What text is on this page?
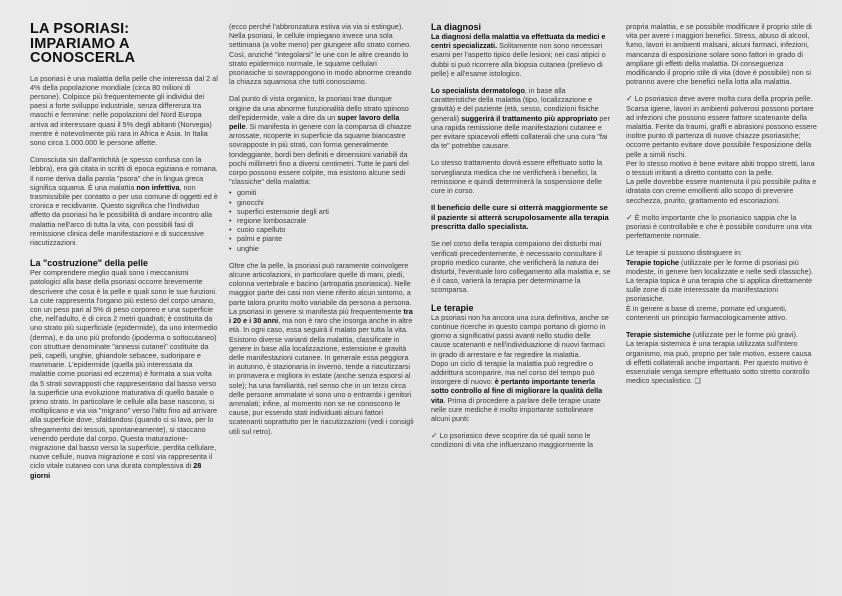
LA PSORIASI:
IMPARIAMO A CONOSCERLA

La psoriasi è una malattia della pelle che interessa dal 2 al 4% della popolazione mondiale (circa 80 milioni di persone). Colpisce più frequentemente gli individui dei paesi a forte sviluppo industriale, senza differenza tra maschi e femmine: nelle popolazioni del Nord Europa arriva ad interessare quasi il 5% degli abitanti (Norvegia) mentre è notevolmente più rara in Africa e Asia. In Italia sono circa 1.000.000 le persone affette.

Conosciuta sin dall'antichità (e spesso confusa con la lebbra), era già citata in scritti di epoca egiziana e romana. Il nome deriva dalla parola "psora" che in lingua greca significa squama. È una malattia non infettiva, non trasmissibile per contatto o per uso comune di oggetti ed è cronica e recidivante. Questo significa che l'individuo affetto da psoriasi ha le possibilità di andare incontro alla malattia nell'arco di tutta la vita, con possibili fasi di remissione clinica delle manifestazioni e di successive riacutizzazioni.

La "costruzione" della pelle

Per comprendere meglio quali sono i meccanismi patologici alla base della psoriasi occorre brevemente descrivere che cosa è la pelle e quali sono le sue funzioni. La cute rappresenta l'organo più esteso del corpo umano, con un peso pari al 5% di peso corporeo e una superficie che, nell'adulto, è di circa 2 metri quadrati; è costituita da uno strato più superficiale (epidermide), da uno intermedio (derma), e da uno più profondo (ipoderma o sottocutaneo) con strutture denominate "annessi cutanei" costituite da peli, capelli, unghie, ghiandole sebacee, sudoripare e mammarie. L'epidermide (quella più interessata da malattie come psoriasi ed eczema) è formata a sua volta da 5 strati sovrapposti che rappresentano dal basso verso la superficie una evoluzione maturativa di quello basale o primo strato. In particolare le cellule alla base nascono, si moltiplicano e via via "migrano" verso l'alto fino ad arrivare alla superficie dove, sfaldandosi (quando ci si lava, per lo sfregamento dei tessuti, spontaneamente), si staccano venendo perdute dal corpo. Questa maturazione-migrazione dal basso verso la superficie, perdita cellulare, nuove cellule, nuova migrazione e così via rappresenta il ciclo vitale cutaneo con una durata complessiva di 28 giorni

(ecco perché l'abbronzatura estiva via via si estingue). Nella psoriasi, le cellule impiegano invece una sola settimana (a volte meno) per giungere allo strato corneo. Così, anziché "integolarsi" le une con le altre creando lo strato epidermico normale, le squame cellulari psoriasiche si sovrappongono in modo abnorme creando la chiazza squamosa che tutti conosciamo.

Dal punto di vista organico, la psoriasi trae dunque origine da una abnorme funzionalità dello strato spinoso dell'epidermide, vale a dire da un super lavoro della pelle. Si manifesta in genere con la comparsa di chiazze arrossate, ricoperte in superficie da squame biancastre sovrapposte in più strati, con forma generalmente tondeggiante, bordi ben definiti e dimensioni variabili da pochi millimetri fino a diversi centimetri. Tutte le parti del corpo possono essere colpite, ma esistono alcune sedi "classiche" della malattia:

• gomiti
• ginocchi
• superfici estensorie degli arti
• regione lombosacrale
• cuoio capelluto
• palmi e piante
• unghie

Oltre che la pelle, la psoriasi può raramente coinvolgere alcune articolazioni, in particolare quelle di mani, piedi, colonna vertebrale e bacino (artropatia psoriasica). Nelle maggior parte dei casi non viene riferito alcun sintomo, a parte talora prurito molto variabile da persona a persona.

La psoriasi in genere si manifesta più frequentemente tra i 20 e i 30 anni, ma non è raro che insorga anche in altre età. In ogni caso, essa seguirà il malato per tutta la vita.

Esistono diverse varianti della malattia, classificate in genere in base alla localizzazione, estensione e gravità delle manifestazioni cutanee. In generale essa peggiora in autunno, è stazionaria in inverno, tende a riacutizzarsi in primavera e migliora in estate (anche senza esporsi al sole); ha una familiarità, nel senso che in un terzo circa delle persone ammalate vi sono uno o entrambi i genitori ammalati; infine, al momento non se ne conoscono le cause, pur essendo stati individuati alcuni fattori scatenanti soprattutto per le riacutizzazioni (vedi i consigli utili sul retro).

La diagnosi

La diagnosi della malattia va effettuata da medici e centri specializzati. Solitamente non sono necessari esami per l'aspetto tipico delle lesioni; nei casi atipici o dubbi si può ricorrere alla biopsia cutanea (prelievo di pelle) e all'esame istologico.

Lo specialista dermatologo, in base alla caratteristiche della malattia (tipo, localizzazione e gravità) e del paziente (età, sesso, condizioni fisiche generali) suggerirà il trattamento più appropriato per una rapida remissione delle manifestazioni cutanee e per evitare spiacevoli effetti collaterali che una cura "fai da te" potrebbe causare.

Lo stesso trattamento dovrà essere effettuato sotto la sorveglianza medica che ne verificherà i benefici, la remissione e quindi determinerà la sospensione delle cure in corso.

Il beneficio delle cure si otterrà maggiormente se il paziente si atterrà scrupolosamente alla terapia prescritta dallo specialista.

Se nel corso della terapia compaiono dei disturbi mai verificati precedentemente, è necessario consultare il proprio medico curante, che verificherà la natura dei disturbi, l'eventuale loro collegamento alla malattia e, se è il caso, varierà la terapia per determinarne la scomparsa.

Le terapie

La psoriasi non ha ancora una cura definitiva, anche se continue ricerche in questo campo portano di giorno in giorno a significativi passi avanti nello studio delle cause scatenanti e nell'individuazione di nuovi farmaci in grado di arrestare e far regredire la malattia.
Dopo un ciclo di terapie la malattia può regredire o addirittura scomparire, ma nel corso del tempo può insorgere di nuovo: è pertanto importante tenerla sotto controllo al fine di migliorare la qualità della vita. Prima di procedere a parlare delle terapie usate nelle cure mediche è molto importante sottolineare alcuni punti:

✓ Lo psoriasico deve scoprire da sé quali sono le condizioni di vita che influenzano maggiormente la

propria malattia, e se possibile modificare il proprio stile di vita per avere i maggiori benefici. Stress, abuso di alcool, fumo, lavori in ambienti malsani, alcuni farmaci, infezioni, mancanza di esposizione solare sono fattori in grado di ampliare gli effetti della malattia. Di conseguenza modificando il proprio stile di vita (dove è possibile) non si potranno avere che benefici nella lotta alla malattia.

✓ Lo psoriasico deve avere molta cura della propria pelle.

Scarsa igiene, lavori in ambienti polverosi possono portare ad infezioni che possono essere fattore scatenante della malattia. Ferite da traumi, graffi e abrasioni possono essere inoltre punto di partenza di nuove chiazze psoriasiche; occorre pertanto evitare dove possibile l'esposizione della pelle a simili rischi.

Per lo stesso motivo è bene evitare abiti troppo stretti, lana o tessuti irritanti a diretto contatto con la pelle.

La pelle dovrebbe essere mantenuta il più possibile pulita e idratata con creme emollienti allo scopo di prevenire secchezza, prurito, grattamento ed escoriazioni.

✓ È molto importante che lo psoriasico sappia che la psoriasi è controllabile e che è possibile condurre una vita perfettamente normale.

Le terapie si possono distinguere in:

Terapie topiche (utilizzate per le forme di psoriasi più modeste, in genere ben localizzate e nelle sedi classiche).

La terapia topica è una terapia che si applica direttamente sulle zone di cute interessate da manifestazioni psoriasiche.

È in genere a base di creme, pomate ed unguenti, contenenti un principio farmacologicamente attivo.

Terapie sistemiche (utilizzate per le forme più gravi).

La terapia sistemica è una terapia utilizzata sull'intero organismo, ma può, proprio per tale motivo, essere causa di effetti collaterali anche importanti. Per questo motivo è essenziale venga sempre effettuato sotto stretto controllo medico specialistico. ❑
